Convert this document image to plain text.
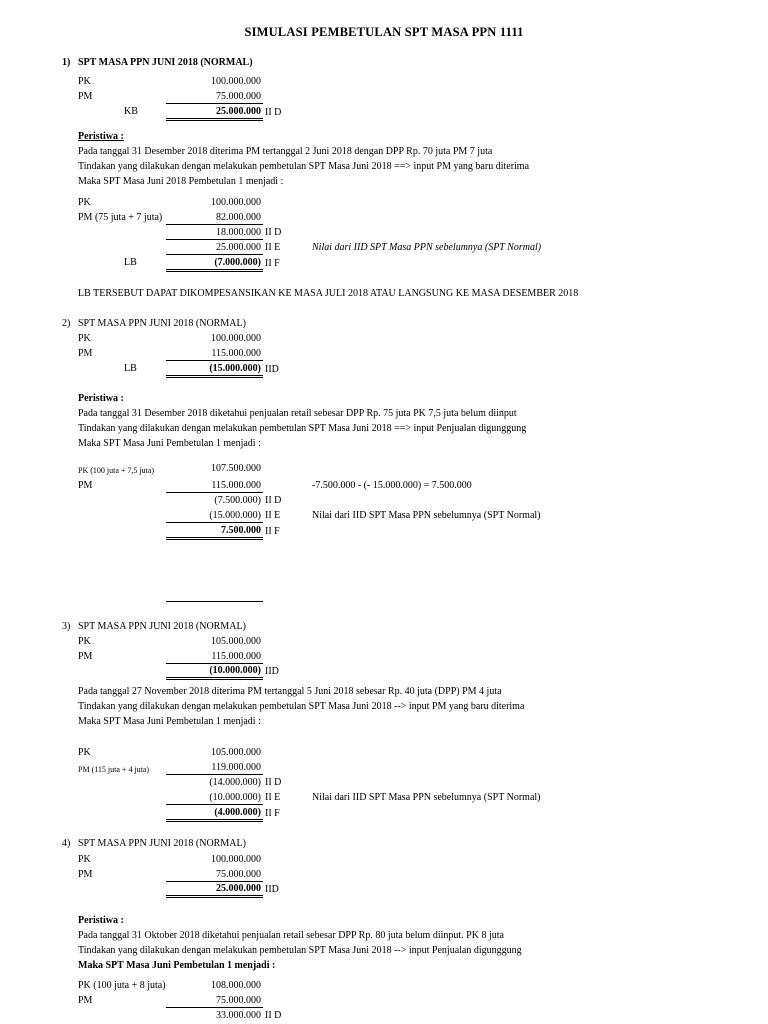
SIMULASI PEMBETULAN SPT MASA PPN 1111
1) SPT MASA PPN JUNI 2018 (NORMAL)
PK	100.000.000
PM	75.000.000
KB	25.000.000 II D
Peristiwa :
Pada tanggal 31 Desember 2018 diterima PM tertanggal 2 Juni 2018 dengan DPP Rp. 70 juta PM 7 juta
Tindakan yang dilakukan dengan melakukan pembetulan SPT Masa Juni 2018 ==> input PM yang baru diterima
Maka SPT Masa Juni 2018 Pembetulan 1 menjadi :
PK	100.000.000
PM (75 juta + 7 juta)	82.000.000
18.000.000 II D
25.000.000 II E	Nilai dari IID SPT Masa PPN sebelumnya (SPT Normal)
LB	(7.000.000) II F
LB TERSEBUT DAPAT DIKOMPESANSIKAN KE MASA JULI 2018 ATAU LANGSUNG KE MASA DESEMBER 2018
2) SPT MASA PPN JUNI 2018 (NORMAL)
PK	100.000.000
PM	115.000.000
LB	(15.000.000) IID
Peristiwa :
Pada tanggal 31 Desember 2018 diketahui penjualan retail sebesar DPP Rp. 75 juta PK 7,5 juta belum diinput
Tindakan yang dilakukan dengan melakukan pembetulan SPT Masa Juni 2018 ==> input Penjualan digunggung
Maka SPT Masa Juni Pembetulan 1 menjadi :
PK (100 juta + 7,5 juta)	107.500.000
PM	115.000.000	-7.500.000 - (- 15.000.000) = 7.500.000
(7.500.000) II D
(15.000.000) II E	Nilai dari IID SPT Masa PPN sebelumnya (SPT Normal)
7.500.000 II F
3) SPT MASA PPN JUNI 2018 (NORMAL)
PK	105.000.000
PM	115.000.000
(10.000.000) IID
Pada tanggal 27 November 2018 diterima PM tertanggal 5 Juni 2018 sebesar Rp. 40 juta (DPP) PM 4 juta
Tindakan yang dilakukan dengan melakukan pembetulan SPT Masa Juni 2018 --> input PM yang baru diterima
Maka SPT Masa Juni Pembetulan 1 menjadi :
PK	105.000.000
PM (115 juta + 4 juta)	119.000.000
(14.000.000) II D
(10.000.000) II E	Nilai dari IID SPT Masa PPN sebelumnya (SPT Normal)
(4.000.000) II F
4) SPT MASA PPN JUNI 2018 (NORMAL)
PK	100.000.000
PM	75.000.000
25.000.000 IID
Peristiwa :
Pada tanggal 31 Oktober 2018 diketahui penjualan retail sebesar DPP Rp. 80 juta belum diinput. PK 8 juta
Tindakan yang dilakukan dengan melakukan pembetulan SPT Masa Juni 2018 --> input Penjualan digunggung
Maka SPT Masa Juni Pembetulan 1 menjadi :
PK (100 juta + 8 juta)	108.000.000
PM	75.000.000
33.000.000 II D
